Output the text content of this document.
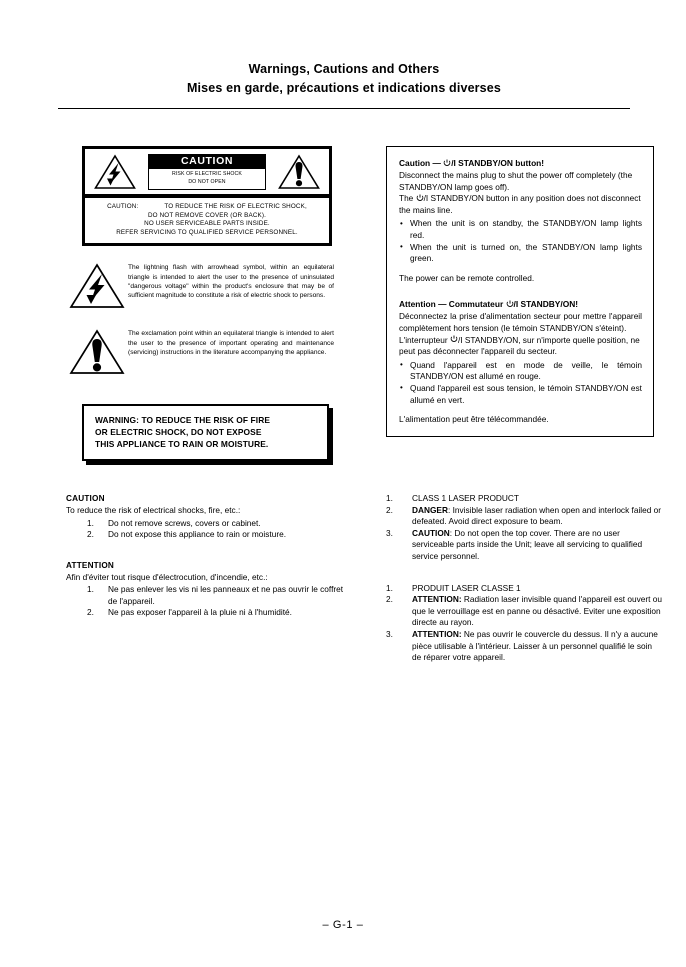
Warnings, Cautions and Others
Mises en garde, précautions et indications diverses
CAUTION
RISK OF ELECTRIC SHOCK
DO NOT OPEN
CAUTION:	TO REDUCE THE RISK OF ELECTRIC SHOCK,
DO NOT REMOVE COVER (OR BACK).
NO USER SERVICEABLE PARTS INSIDE.
REFER SERVICING TO QUALIFIED SERVICE PERSONNEL.
The lightning flash with arrowhead symbol, within an equilateral triangle is intended to alert the user to the presence of uninsulated "dangerous voltage" within the product's enclosure that may be of sufficient magnitude to constitute a risk of electric shock to persons.
The exclamation point within an equilateral triangle is intended to alert the user to the presence of important operating and maintenance (servicing) instructions in the literature accompanying the appliance.
WARNING: TO REDUCE THE RISK OF FIRE
OR ELECTRIC SHOCK, DO NOT EXPOSE
THIS APPLIANCE TO RAIN OR MOISTURE.
CAUTION
To reduce the risk of electrical shocks, fire, etc.:
1. Do not remove screws, covers or cabinet.
2. Do not expose this appliance to rain or moisture.
ATTENTION
Afin d'éviter tout risque d'électrocution, d'incendie, etc.:
1. Ne pas enlever les vis ni les panneaux et ne pas ouvrir le coffret de l'appareil.
2. Ne pas exposer l'appareil à la pluie ni à l'humidité.
Caution — /I STANDBY/ON button!
Disconnect the mains plug to shut the power off completely (the STANDBY/ON lamp goes off).
The /I STANDBY/ON button in any position does not disconnect the mains line.
• When the unit is on standby, the STANDBY/ON lamp lights red.
• When the unit is turned on, the STANDBY/ON lamp lights green.
The power can be remote controlled.
Attention — Commutateur /I STANDBY/ON!
Déconnectez la prise d'alimentation secteur pour mettre l'appareil complètement hors tension (le témoin STANDBY/ON s'éteint).
L'interrupteur /I STANDBY/ON, sur n'importe quelle position, ne peut pas déconnecter l'appareil du secteur.
• Quand l'appareil est en mode de veille, le témoin STANDBY/ON est allumé en rouge.
• Quand l'appareil est sous tension, le témoin STANDBY/ON est allumé en vert.
L'alimentation peut être télécommandée.
1. CLASS 1 LASER PRODUCT
2. DANGER: Invisible laser radiation when open and interlock failed or defeated. Avoid direct exposure to beam.
3. CAUTION: Do not open the top cover. There are no user serviceable parts inside the Unit; leave all servicing to qualified service personnel.
1. PRODUIT LASER CLASSE 1
2. ATTENTION: Radiation laser invisible quand l'appareil est ouvert ou que le verrouillage est en panne ou désactivé. Eviter une exposition directe au rayon.
3. ATTENTION: Ne pas ouvrir le couvercle du dessus. Il n'y a aucune pièce utilisable à l'intérieur. Laisser à un personnel qualifié le soin de réparer votre appareil.
– G-1 –
